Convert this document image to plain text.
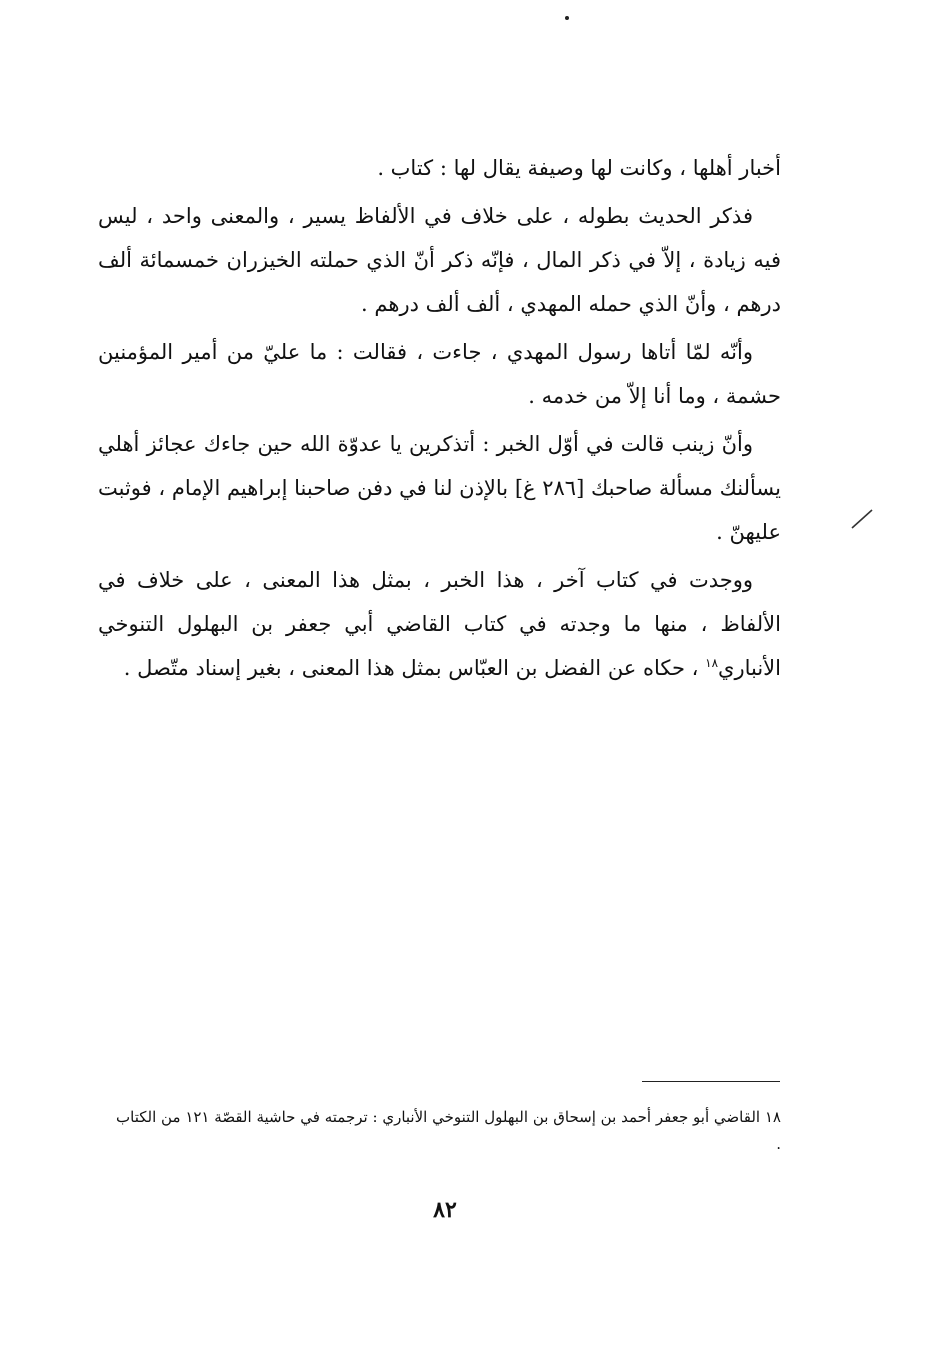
أخبار أهلها ، وكانت لها وصيفة يقال لها : كتاب .

فذكر الحديث بطوله ، على خلاف في الألفاظ يسير ، والمعنى واحد ، ليس فيه زيادة ، إلاّ في ذكر المال ، فإنّه ذكر أنّ الذي حملته الخيزران خمسمائة ألف درهم ، وأنّ الذي حمله المهدي ، ألف ألف درهم .

وأنّه لمّا أتاها رسول المهدي ، جاءت ، فقالت : ما عليّ من أمير المؤمنين حشمة ، وما أنا إلاّ من خدمه .

وأنّ زينب قالت في أوّل الخبر : أتذكرين يا عدوّة الله حين جاءك عجائز أهلي يسألنك مسألة صاحبك [٢٨٦ غ] بالإذن لنا في دفن صاحبنا إبراهيم الإمام ، فوثبت عليهنّ .

ووجدت في كتاب آخر ، هذا الخبر ، بمثل هذا المعنى ، على خلاف في الألفاظ ، منها ما وجدته في كتاب القاضي أبي جعفر بن البهلول التنوخي الأنباري$^{١٨}$ ، حكاه عن الفضل بن العبّاس بمثل هذا المعنى ، بغير إسناد متّصل .

١٨ القاضي أبو جعفر أحمد بن إسحاق بن البهلول التنوخي الأنباري : ترجمته في حاشية القصّة ١٢١ من الكتاب .
٨٢
